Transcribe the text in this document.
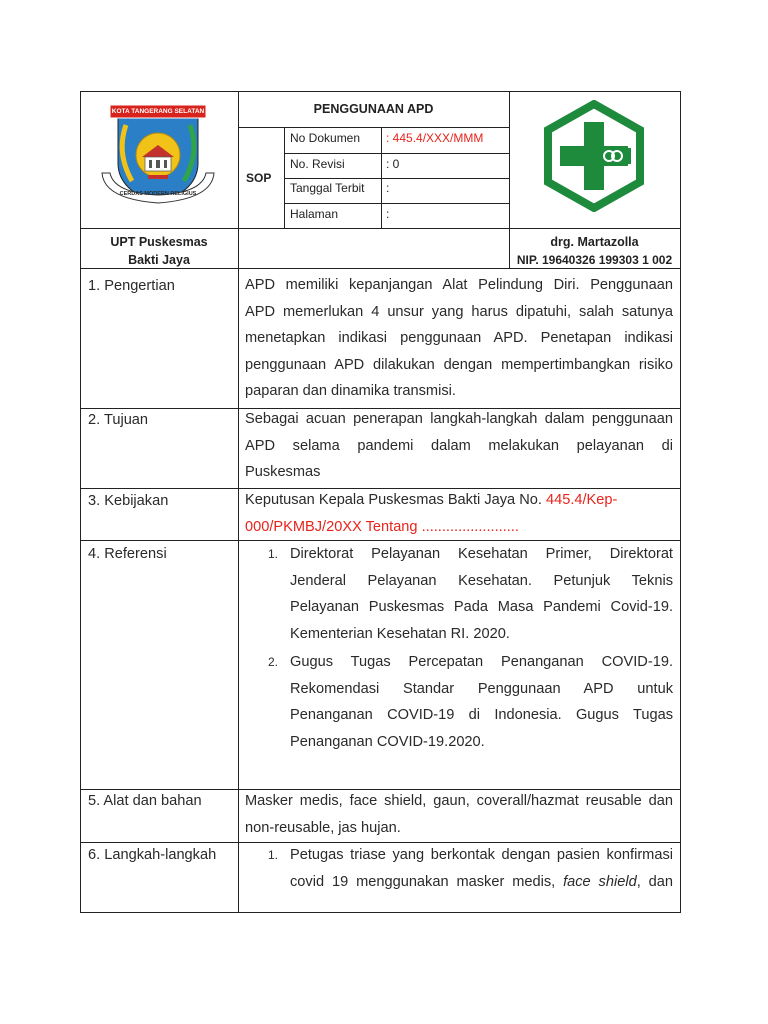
KOTA TANGERANG SELATAN
CERDAS MODERN RELIGIUS
PENGGUNAAN APD
SOP
No Dokumen : 445.4/XXX/MMM
No. Revisi	: 0
Tanggal Terbit :
Halaman	:
UPT Puskesmas
Bakti Jaya
drg. Martazolla
NIP. 19640326 199303 1 002
1. Pengertian	APD memiliki kepanjangan Alat Pelindung Diri. Penggunaan
APD memerlukan 4 unsur yang harus dipatuhi, salah satunya
menetapkan indikasi penggunaan APD. Penetapan indikasi
penggunaan APD dilakukan dengan mempertimbangkan risiko
paparan dan dinamika transmisi.
2. Tujuan	Sebagai acuan penerapan langkah-langkah dalam penggunaan
APD selama pandemi dalam melakukan pelayanan di
Puskesmas
3. Kebijakan	Keputusan Kepala Puskesmas Bakti Jaya No. 445.4/Kep-
000/PKMBJ/20XX Tentang ........................
4. Referensi	1. Direktorat Pelayanan Kesehatan Primer, Direktorat
Jenderal Pelayanan Kesehatan. Petunjuk Teknis
Pelayanan Puskesmas Pada Masa Pandemi Covid-19.
Kementerian Kesehatan RI. 2020.
2. Gugus Tugas Percepatan Penanganan COVID-19.
Rekomendasi Standar Penggunaan APD untuk
Penanganan COVID-19 di Indonesia. Gugus Tugas
Penanganan COVID-19.2020.
5. Alat dan bahan	Masker medis, face shield, gaun, coverall/hazmat reusable dan
non-reusable, jas hujan.
6. Langkah-langkah	1. Petugas triase yang berkontak dengan pasien konfirmasi
covid 19 menggunakan masker medis, face shield, dan
